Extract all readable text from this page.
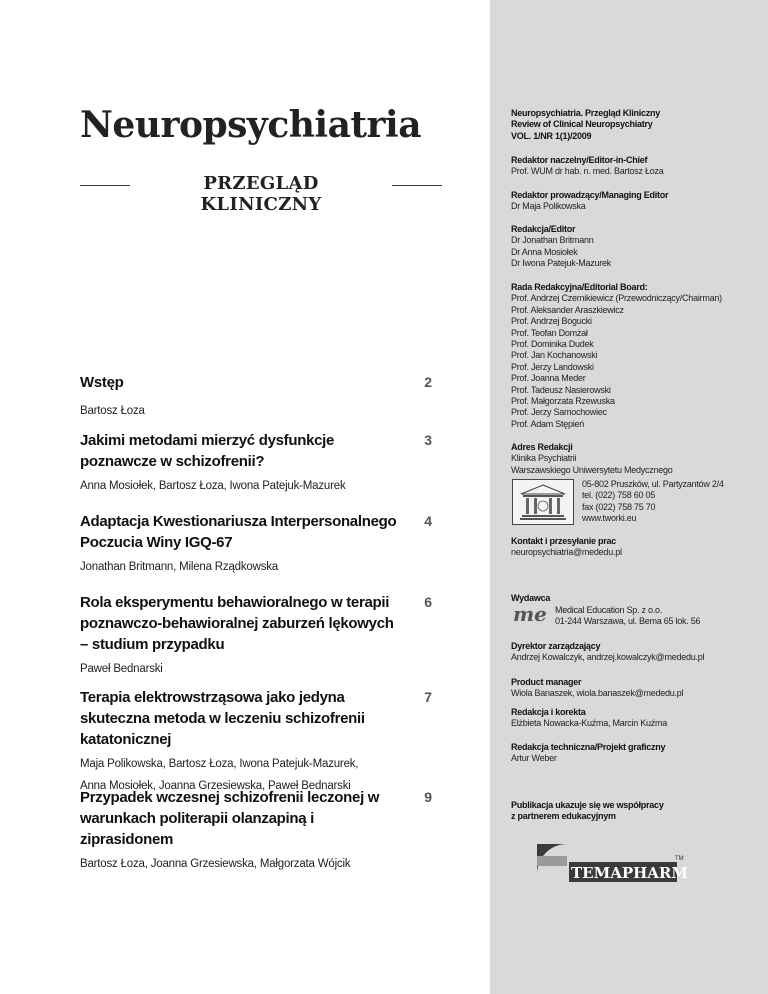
Neuropsychiatria
PRZEGLĄD KLINICZNY
Wstęp
Bartosz Łoza
2
Jakimi metodami mierzyć dysfunkcje poznawcze w schizofrenii?
Anna Mosiołek, Bartosz Łoza, Iwona Patejuk-Mazurek
3
Adaptacja Kwestionariusza Interpersonalnego Poczucia Winy IGQ-67
Jonathan Britmann, Milena Rządkowska
4
Rola eksperymentu behawioralnego w terapii poznawczo-behawioralnej zaburzeń lękowych – studium przypadku
Paweł Bednarski
6
Terapia elektrowstrząsowa jako jedyna skuteczna metoda w leczeniu schizofrenii katatonicznej
Maja Polikowska, Bartosz Łoza, Iwona Patejuk-Mazurek,
Anna Mosiołek, Joanna Grzesiewska, Paweł Bednarski
7
Przypadek wczesnej schizofrenii leczonej w warunkach politerapii olanzapiną i ziprasidonem
Bartosz Łoza, Joanna Grzesiewska, Małgorzata Wójcik
9
Neuropsychiatria. Przegląd Kliniczny
Review of Clinical Neuropsychiatry
VOL. 1/NR 1(1)/2009
Redaktor naczelny/Editor-in-Chief
Prof. WUM dr hab. n. med. Bartosz Łoza
Redaktor prowadzący/Managing Editor
Dr Maja Polikowska
Redakcja/Editor
Dr Jonathan Britmann
Dr Anna Mosiołek
Dr Iwona Patejuk-Mazurek
Rada Redakcyjna/Editorial Board:
Prof. Andrzej Czernikiewicz (Przewodniczący/Chairman)
Prof. Aleksander Araszkiewicz
Prof. Andrzej Bogucki
Prof. Teofan Domżał
Prof. Dominika Dudek
Prof. Jan Kochanowski
Prof. Jerzy Landowski
Prof. Joanna Meder
Prof. Tadeusz Nasierowski
Prof. Małgorzata Rzewuska
Prof. Jerzy Samochowiec
Prof. Adam Stępień
Adres Redakcji
Klinika Psychiatrii
Warszawskiego Uniwersytetu Medycznego
05-802 Pruszków, ul. Partyzantów 2/4
tel. (022) 758 60 05
fax (022) 758 75 70
www.tworki.eu
Kontakt i przesyłanie prac
neuropsychiatria@mededu.pl
Wydawca
me Medical Education Sp. z o.o.
01-244 Warszawa, ul. Bema 65 lok. 56
Dyrektor zarządzający
Andrzej Kowalczyk, andrzej.kowalczyk@mededu.pl
Product manager
Wiola Banaszek, wiola.banaszek@mededu.pl
Redakcja i korekta
Elżbieta Nowacka-Kuźma, Marcin Kuźma
Redakcja techniczna/Projekt graficzny
Artur Weber
Publikacja ukazuje się we współpracy
z partnerem edukacyjnym
TEMAPHARM
TM
